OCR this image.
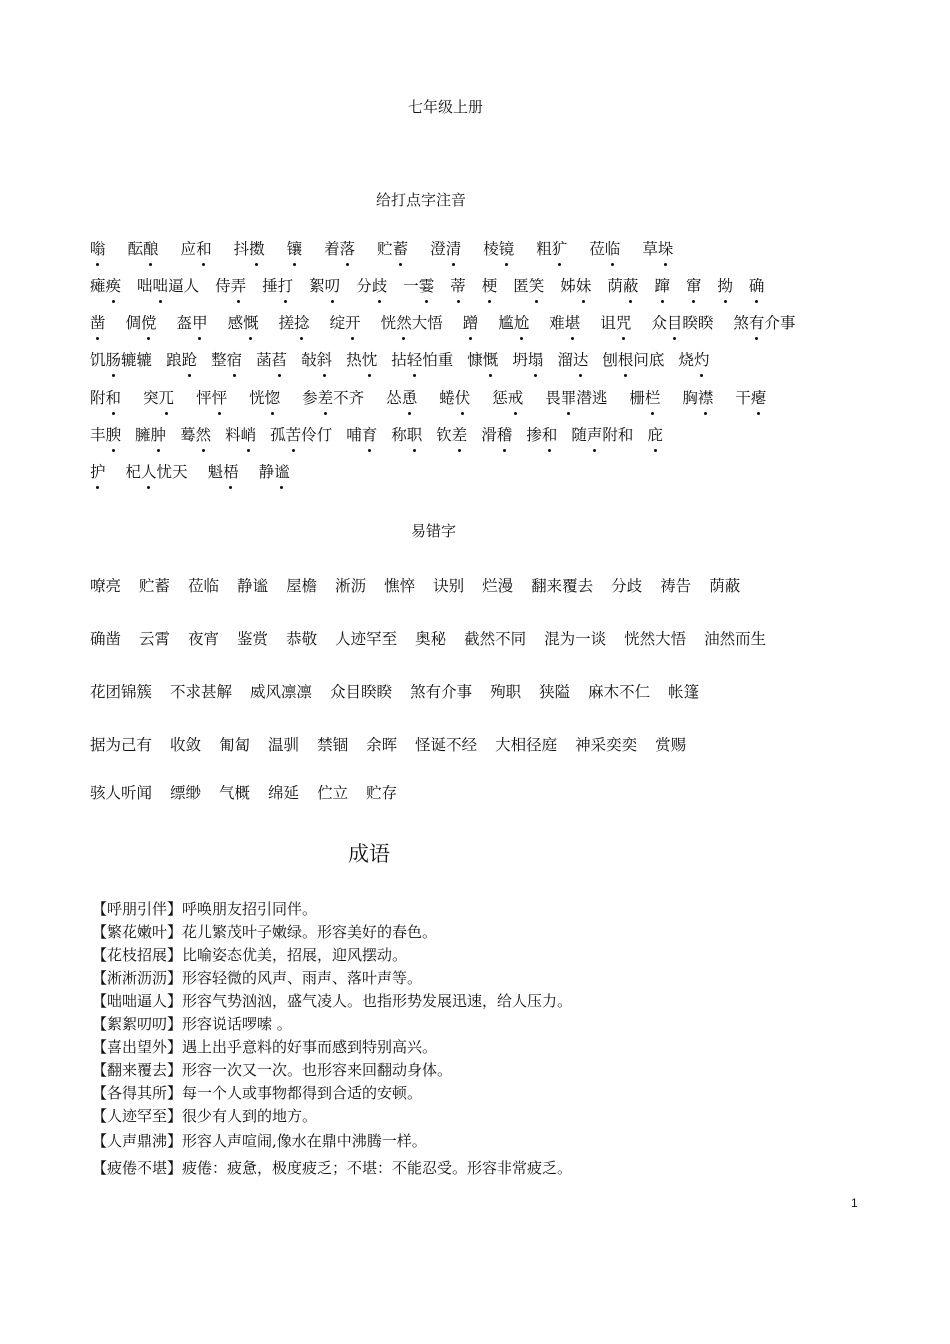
七年级上册
给打点字注音
嗡 酝酿 应和 抖擞 镶 着落 贮蓄 澄清 棱镜 粗犷 莅临 草垛
瘫痪 咄咄逼人 侍弄 捶打 絮叨 分歧 一霎 蒂 梗 匿笑 姊妹 荫蔽 蹿 窜 拗 确
凿 倜傥 盔甲 感慨 搓捻 绽开 恍然大悟 蹭 尴尬 难堪 诅咒 众目睽睽 煞有介事
饥肠辘辘 踉跄 整宿 菡萏 敧斜 热忱 拈轻怕重 慷慨 坍塌 溜达 刨根问底 烧灼
附和 突兀 怦怦 恍惚 参差不齐 怂恿 蜷伏 惩戒 畏罪潜逃 栅栏 胸襟 干瘪
丰腴 臃肿 蓦然 料峭 孤苦伶仃 哺育 称职 钦差 滑稽 掺和 随声附和 庇
护 杞人忧天 魁梧 静谧
易错字
嘹亮 贮蓄 莅临 静谧 屋檐 淅沥 憔悴 诀别 烂漫 翻来覆去 分歧 祷告 荫蔽
确凿 云霄 夜宵 鉴赏 恭敬 人迹罕至 奥秘 截然不同 混为一谈 恍然大悟 油然而生
花团锦簇 不求甚解 威风凛凛 众目睽睽 煞有介事 殉职 狭隘 麻木不仁 帐篷
据为己有 收敛 匍匐 温驯 禁锢 余晖 怪诞不经 大相径庭 神采奕奕 赏赐
骇人听闻 缥缈 气概 绵延 伫立 贮存
成语
【呼朋引伴】呼唤朋友招引同伴。
【繁花嫩叶】花儿繁茂叶子嫩绿。形容美好的春色。
【花枝招展】比喻姿态优美，招展，迎风摆动。
【淅淅沥沥】形容轻微的风声、雨声、落叶声等。
【咄咄逼人】形容气势汹汹，盛气凌人。也指形势发展迅速，给人压力。
【絮絮叨叨】形容说话啰嗦 。
【喜出望外】遇上出乎意料的好事而感到特别高兴。
【翻来覆去】形容一次又一次。也形容来回翻动身体。
【各得其所】每一个人或事物都得到合适的安顿。
【人迹罕至】很少有人到的地方。
【人声鼎沸】形容人声喧闹,像水在鼎中沸腾一样。
【疲倦不堪】疲倦：疲惫，极度疲乏；不堪：不能忍受。形容非常疲乏。
1
